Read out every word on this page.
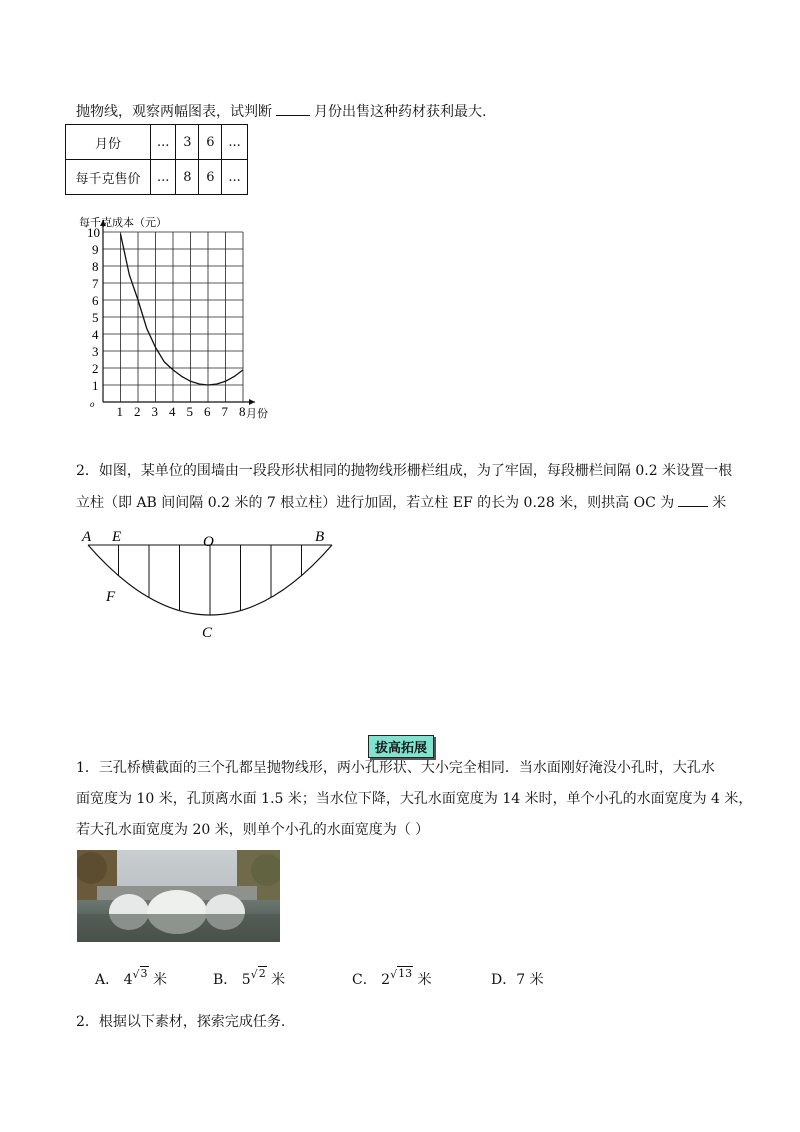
抛物线，观察两幅图表，试判断	月份出售这种药材获利最大.
月份	...	3	6	...
每千克售价	...	8	6	...
1 2 3 4 5 6 7 8
1
2
3
4
5
6
7
8
9
10
o
每千克成本（元）
月份
2．如图，某单位的围墙由一段段形状相同的抛物线形栅栏组成，为了牢固，每段栅栏间隔 0.2 米设置一根
立柱（即 AB 间间隔 0.2 米的 7 根立柱）进行加固，若立柱 EF 的长为 0.28 米，则拱高 OC 为	米
A E	O	B
F
C
拔高拓展
1．三孔桥横截面的三个孔都呈抛物线形，两小孔形状、大小完全相同．当水面刚好淹没小孔时，大孔水
面宽度为 10 米，孔顶离水面 1.5 米；当水位下降，大孔水面宽度为 14 米时，单个小孔的水面宽度为 4 米，
若大孔水面宽度为 20 米，则单个小孔的水面宽度为（ ）
A． $4^{√3}$ 米	B． $5^{√2}$ 米	C． $2^{√13}$ 米	D．7 米
2．根据以下素材，探索完成任务.
